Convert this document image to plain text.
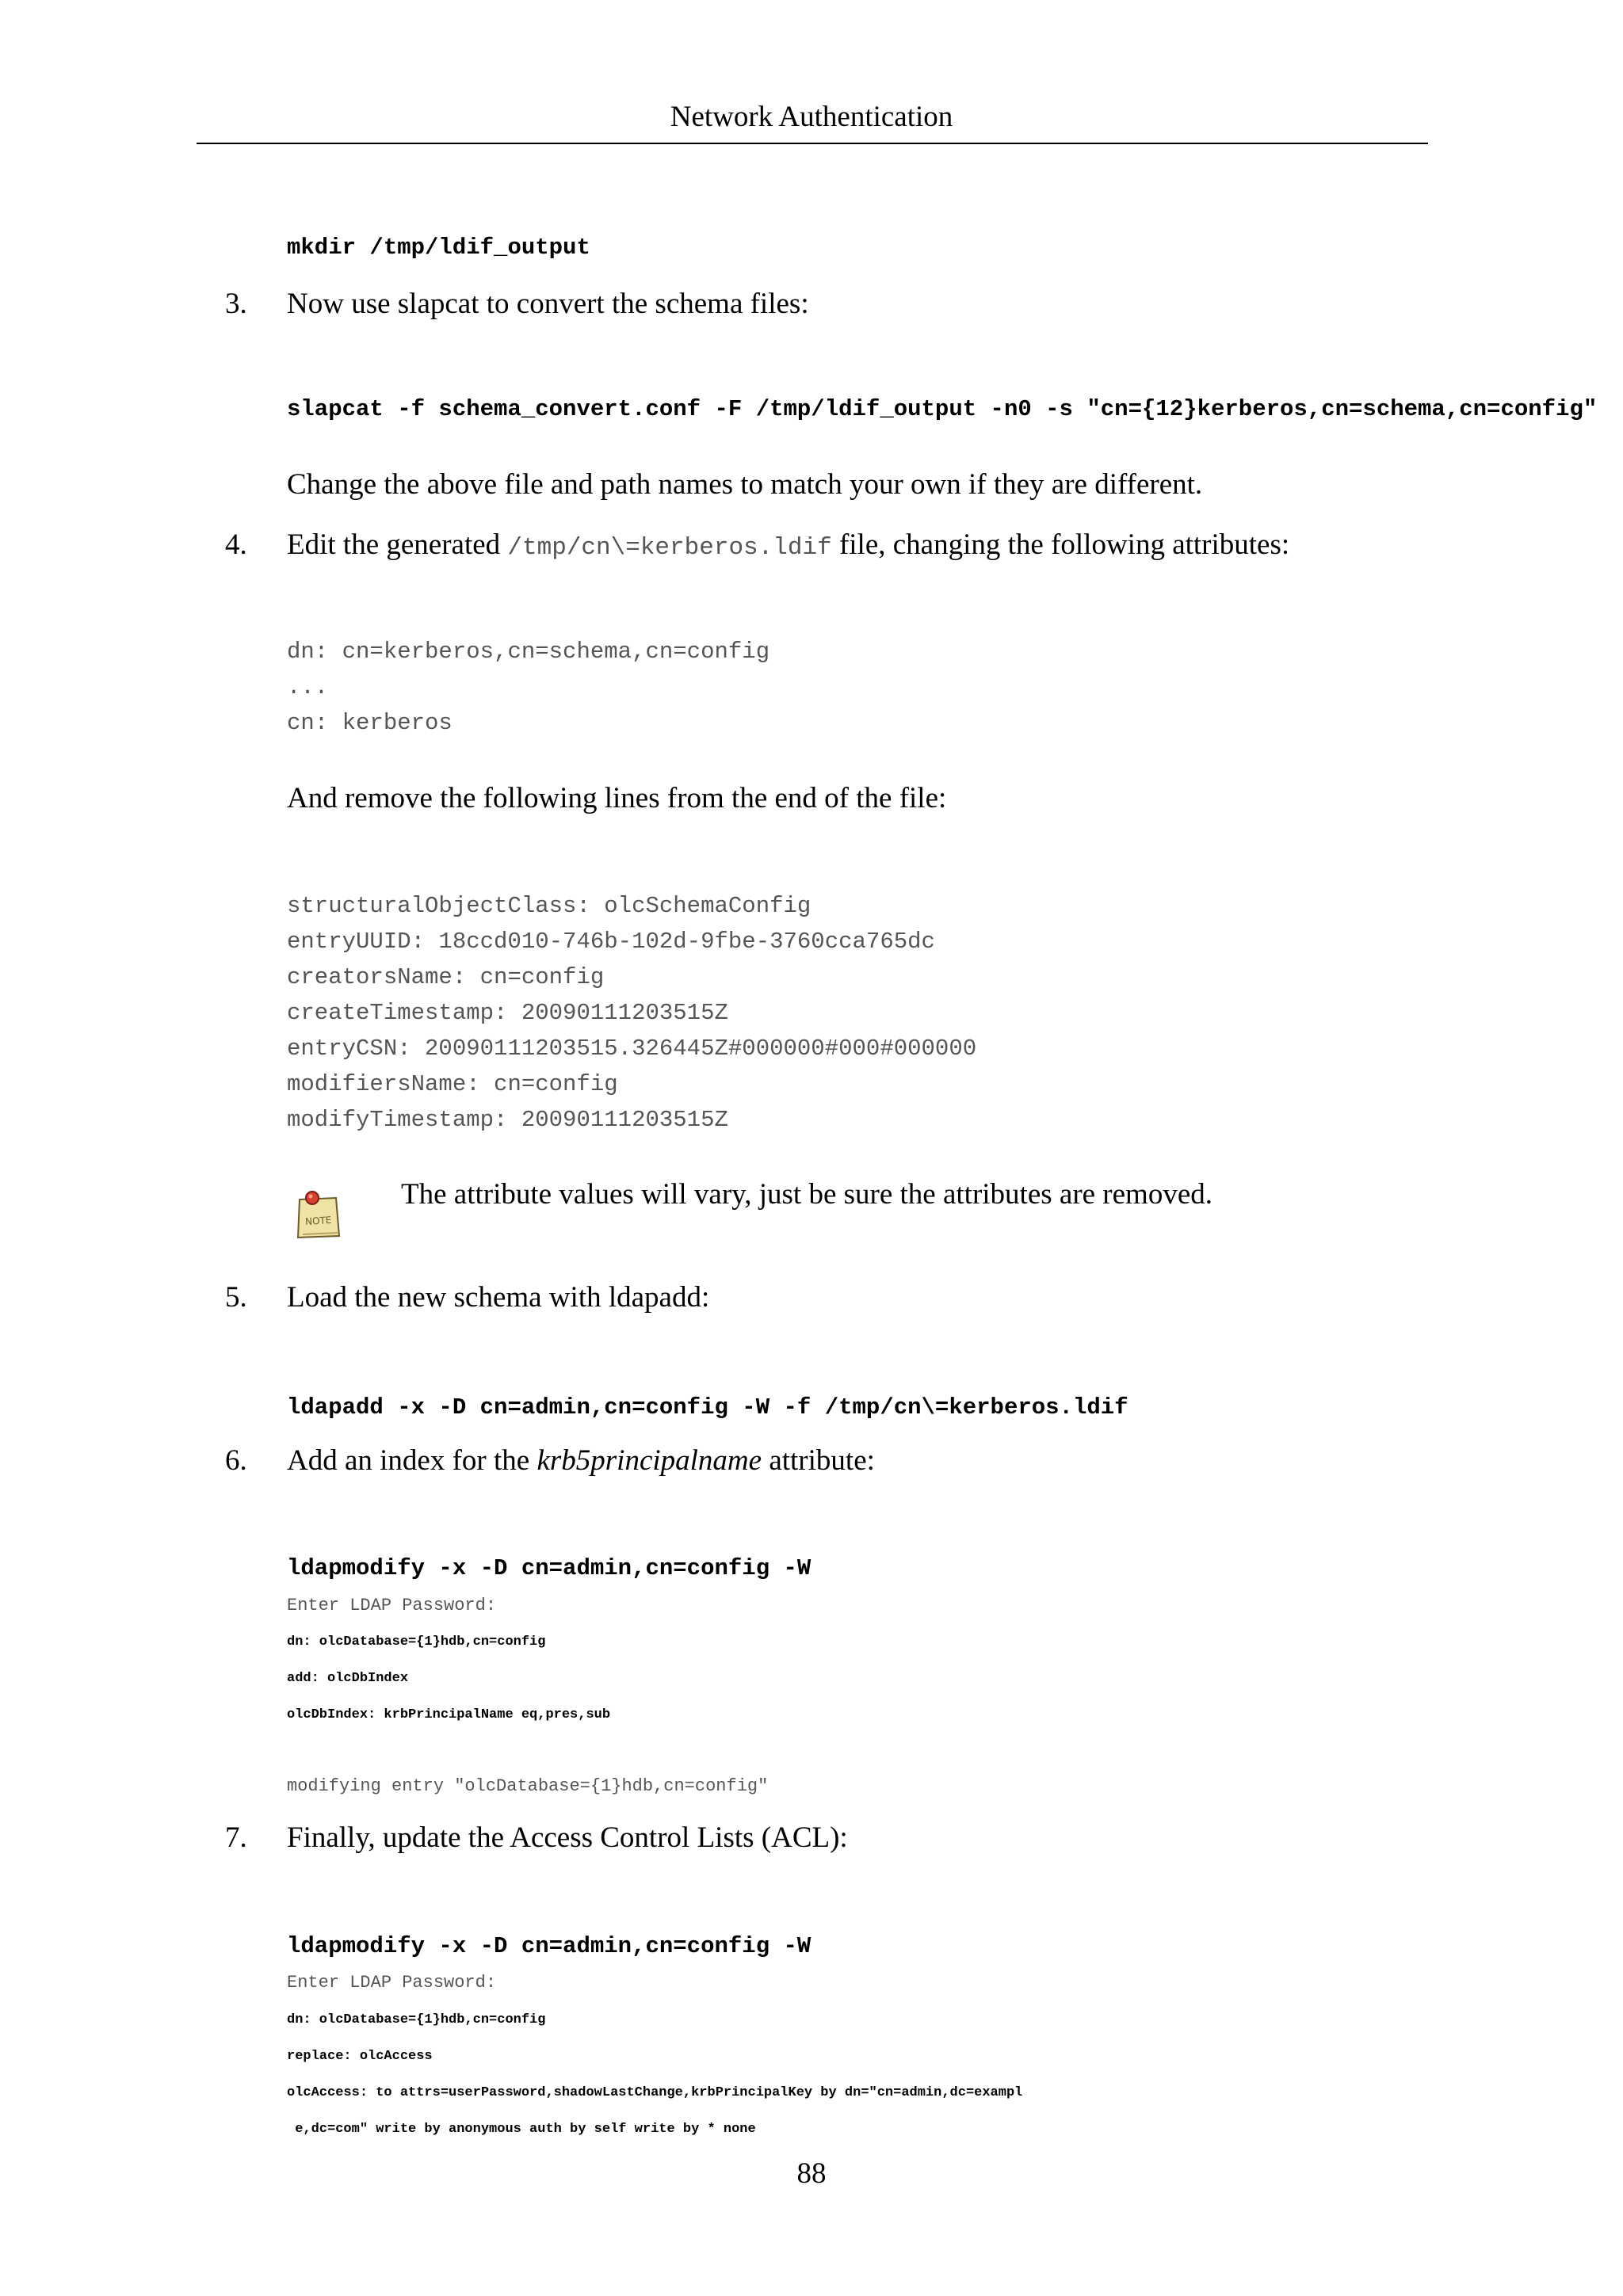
Network Authentication
mkdir /tmp/ldif_output
3. Now use slapcat to convert the schema files:
slapcat -f schema_convert.conf -F /tmp/ldif_output -n0 -s "cn={12}kerberos,cn=schema,cn=config"
Change the above file and path names to match your own if they are different.
4. Edit the generated /tmp/cn\=kerberos.ldif file, changing the following attributes:
dn: cn=kerberos,cn=schema,cn=config
...
cn: kerberos
And remove the following lines from the end of the file:
structuralObjectClass: olcSchemaConfig
entryUUID: 18ccd010-746b-102d-9fbe-3760cca765dc
creatorsName: cn=config
createTimestamp: 20090111203515Z
entryCSN: 20090111203515.326445Z#000000#000#000000
modifiersName: cn=config
modifyTimestamp: 20090111203515Z
NOTE
The attribute values will vary, just be sure the attributes are removed.
5. Load the new schema with ldapadd:
ldapadd -x -D cn=admin,cn=config -W -f /tmp/cn\=kerberos.ldif
6. Add an index for the krb5principalname attribute:
ldapmodify -x -D cn=admin,cn=config -W
Enter LDAP Password:
dn: olcDatabase={1}hdb,cn=config
add: olcDbIndex
olcDbIndex: krbPrincipalName eq,pres,sub
modifying entry "olcDatabase={1}hdb,cn=config"
7. Finally, update the Access Control Lists (ACL):
ldapmodify -x -D cn=admin,cn=config -W
Enter LDAP Password:
dn: olcDatabase={1}hdb,cn=config
replace: olcAccess
olcAccess: to attrs=userPassword,shadowLastChange,krbPrincipalKey by dn="cn=admin,dc=exampl
e,dc=com" write by anonymous auth by self write by * none
88
